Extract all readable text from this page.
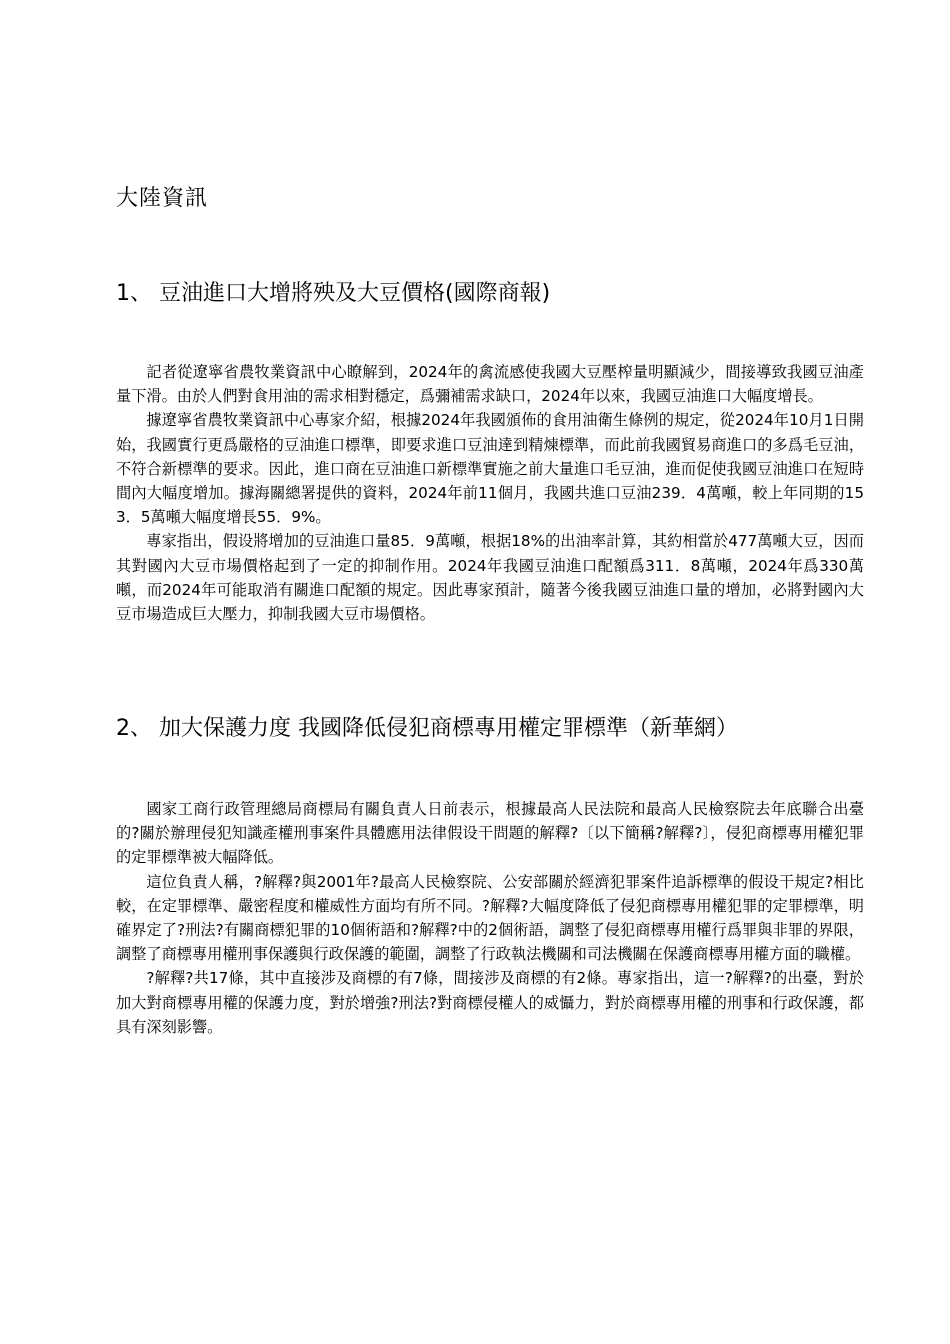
大陸資訊
1、 豆油進口大增將殃及大豆價格(國際商報)

記者從遼寧省農牧業資訊中心瞭解到，2024年的禽流感使我國大豆壓榨量明顯減少，間接導致我國豆油產量下滑。由於人們對食用油的需求相對穩定，爲彌補需求缺口，2024年以來，我國豆油進口大幅度增長。

據遼寧省農牧業資訊中心專家介紹，根據2024年我國頒佈的食用油衛生條例的規定，從2024年10月1日開始，我國實行更爲嚴格的豆油進口標準，即要求進口豆油達到精煉標準，而此前我國貿易商進口的多爲毛豆油，不符合新標準的要求。因此，進口商在豆油進口新標準實施之前大量進口毛豆油，進而促使我國豆油進口在短時間內大幅度增加。據海關總署提供的資料，2024年前11個月，我國共進口豆油239．4萬噸，較上年同期的153．5萬噸大幅度增長55．9%。

專家指出，假设將增加的豆油進口量85．9萬噸，根据18%的出油率計算，其約相當於477萬噸大豆，因而其對國內大豆市場價格起到了一定的抑制作用。2024年我國豆油進口配額爲311．8萬噸，2024年爲330萬噸，而2024年可能取消有關進口配額的規定。因此專家預計，隨著今後我國豆油進口量的增加，必將對國內大豆市場造成巨大壓力，抑制我國大豆市場價格。

2、 加大保護力度 我國降低侵犯商標專用權定罪標準（新華網）

國家工商行政管理總局商標局有關負責人日前表示，根據最高人民法院和最高人民檢察院去年底聯合出臺的?關於辦理侵犯知識產權刑事案件具體應用法律假设干問題的解釋?〔以下簡稱?解釋?〕，侵犯商標專用權犯罪的定罪標準被大幅降低。

這位負責人稱，?解釋?與2001年?最高人民檢察院、公安部關於經濟犯罪案件追訴標準的假设干規定?相比較，在定罪標準、嚴密程度和權威性方面均有所不同。?解釋?大幅度降低了侵犯商標專用權犯罪的定罪標準，明確界定了?刑法?有關商標犯罪的10個術語和?解釋?中的2個術語，調整了侵犯商標專用權行爲罪與非罪的界限，調整了商標專用權刑事保護與行政保護的範圍，調整了行政執法機關和司法機關在保護商標專用權方面的職權。

?解釋?共17條，其中直接涉及商標的有7條，間接涉及商標的有2條。專家指出，這一?解釋?的出臺，對於加大對商標專用權的保護力度，對於增強?刑法?對商標侵權人的威懾力，對於商標專用權的刑事和行政保護，都具有深刻影響。
